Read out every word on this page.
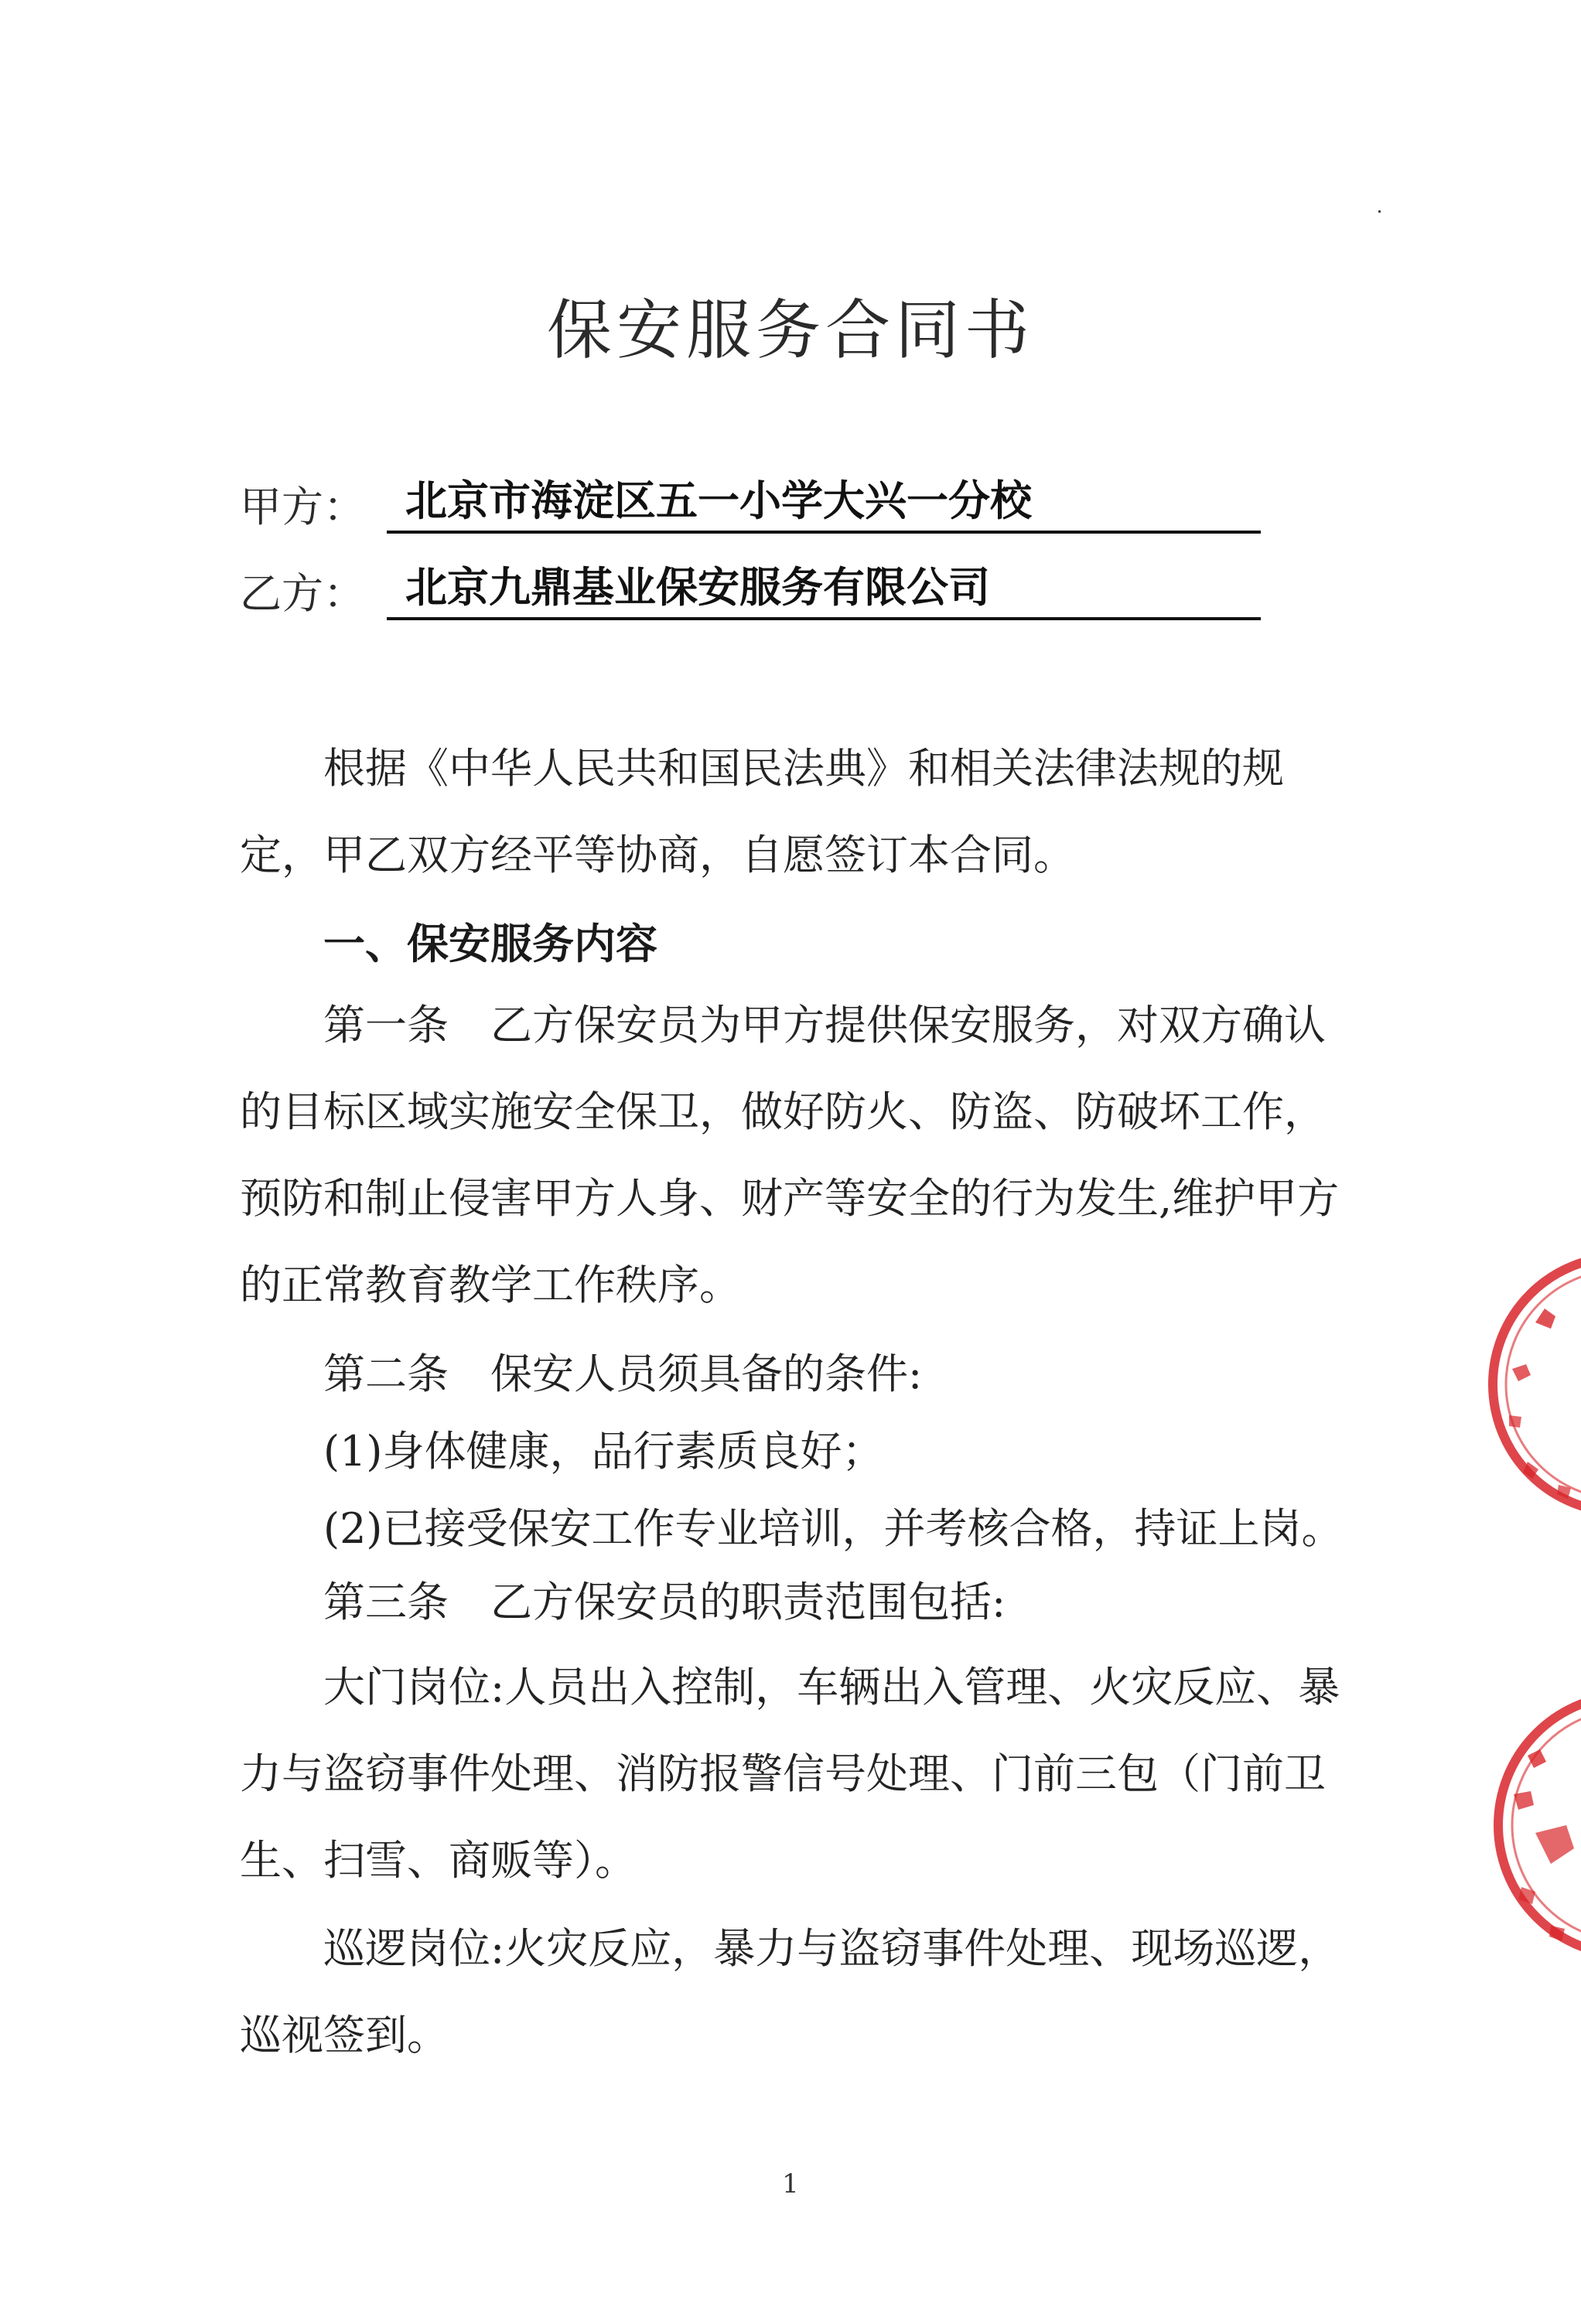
保安服务合同书
甲方： 北京市海淀区五一小学大兴一分校
乙方： 北京九鼎基业保安服务有限公司
根据《中华人民共和国民法典》和相关法律法规的规定，甲乙双方经平等协商，自愿签订本合同。
一、保安服务内容
第一条　乙方保安员为甲方提供保安服务，对双方确认的目标区域实施安全保卫，做好防火、防盗、防破坏工作，预防和制止侵害甲方人身、财产等安全的行为发生,维护甲方的正常教育教学工作秩序。
第二条　保安人员须具备的条件:
(1)身体健康，品行素质良好；
(2)已接受保安工作专业培训，并考核合格，持证上岗。
第三条　乙方保安员的职责范围包括:
大门岗位:人员出入控制，车辆出入管理、火灾反应、暴力与盗窃事件处理、消防报警信号处理、门前三包（门前卫生、扫雪、商贩等）。
巡逻岗位:火灾反应，暴力与盗窃事件处理、现场巡逻，巡视签到。
1
